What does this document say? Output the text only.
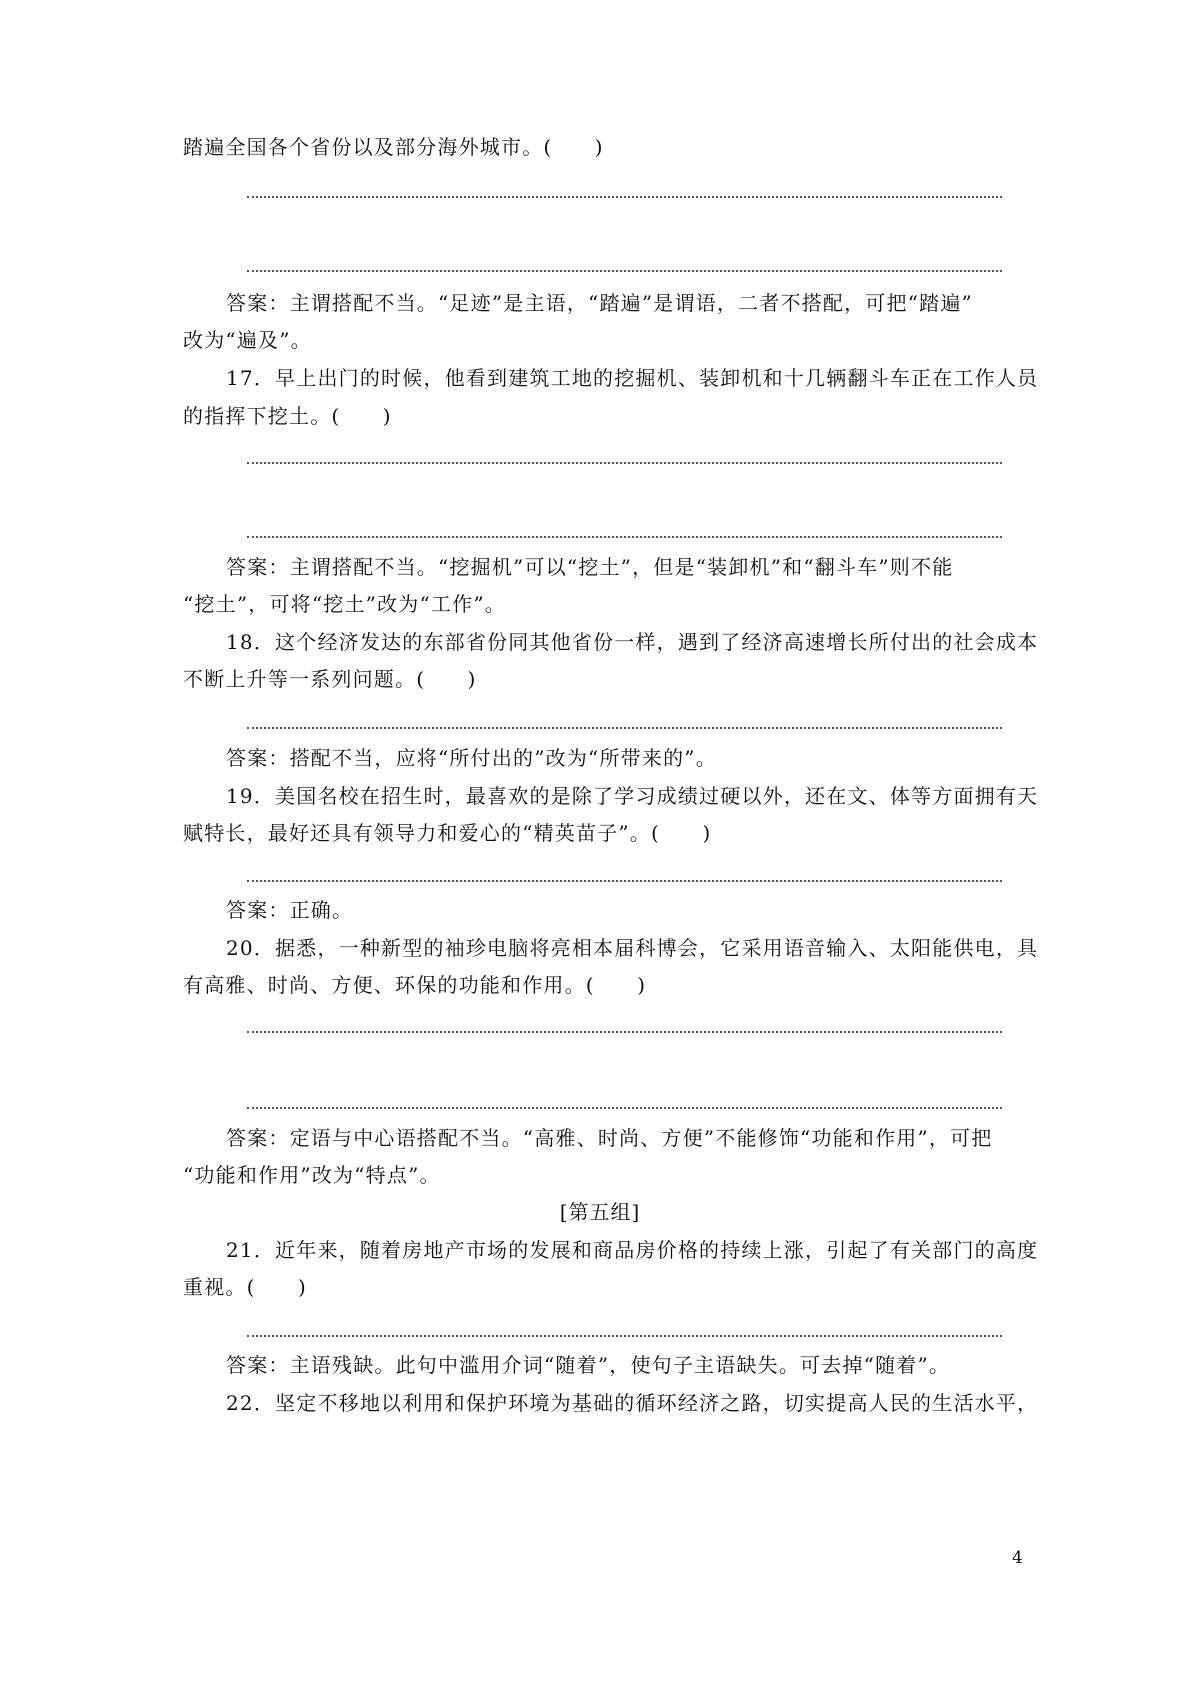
踏遍全国各个省份以及部分海外城市。(　　)
答案：主谓搭配不当。“足迹”是主语，“踏遍”是谓语，二者不搭配，可把“踏遍”
改为“遍及”。
17．早上出门的时候，他看到建筑工地的挖掘机、装卸机和十几辆翻斗车正在工作人员
的指挥下挖土。(　　)
答案：主谓搭配不当。“挖掘机”可以“挖土”，但是“装卸机”和“翻斗车”则不能
“挖土”，可将“挖土”改为“工作”。
18．这个经济发达的东部省份同其他省份一样，遇到了经济高速增长所付出的社会成本
不断上升等一系列问题。(　　)
答案：搭配不当，应将“所付出的”改为“所带来的”。
19．美国名校在招生时，最喜欢的是除了学习成绩过硬以外，还在文、体等方面拥有天
赋特长，最好还具有领导力和爱心的“精英苗子”。(　　)
答案：正确。
20．据悉，一种新型的袖珍电脑将亮相本届科博会，它采用语音输入、太阳能供电，具
有高雅、时尚、方便、环保的功能和作用。(　　)
答案：定语与中心语搭配不当。“高雅、时尚、方便”不能修饰“功能和作用”，可把
“功能和作用”改为“特点”。
[第五组]
21．近年来，随着房地产市场的发展和商品房价格的持续上涨，引起了有关部门的高度
重视。(　　)
答案：主语残缺。此句中滥用介词“随着”，使句子主语缺失。可去掉“随着”。
22．坚定不移地以利用和保护环境为基础的循环经济之路，切实提高人民的生活水平，
4
